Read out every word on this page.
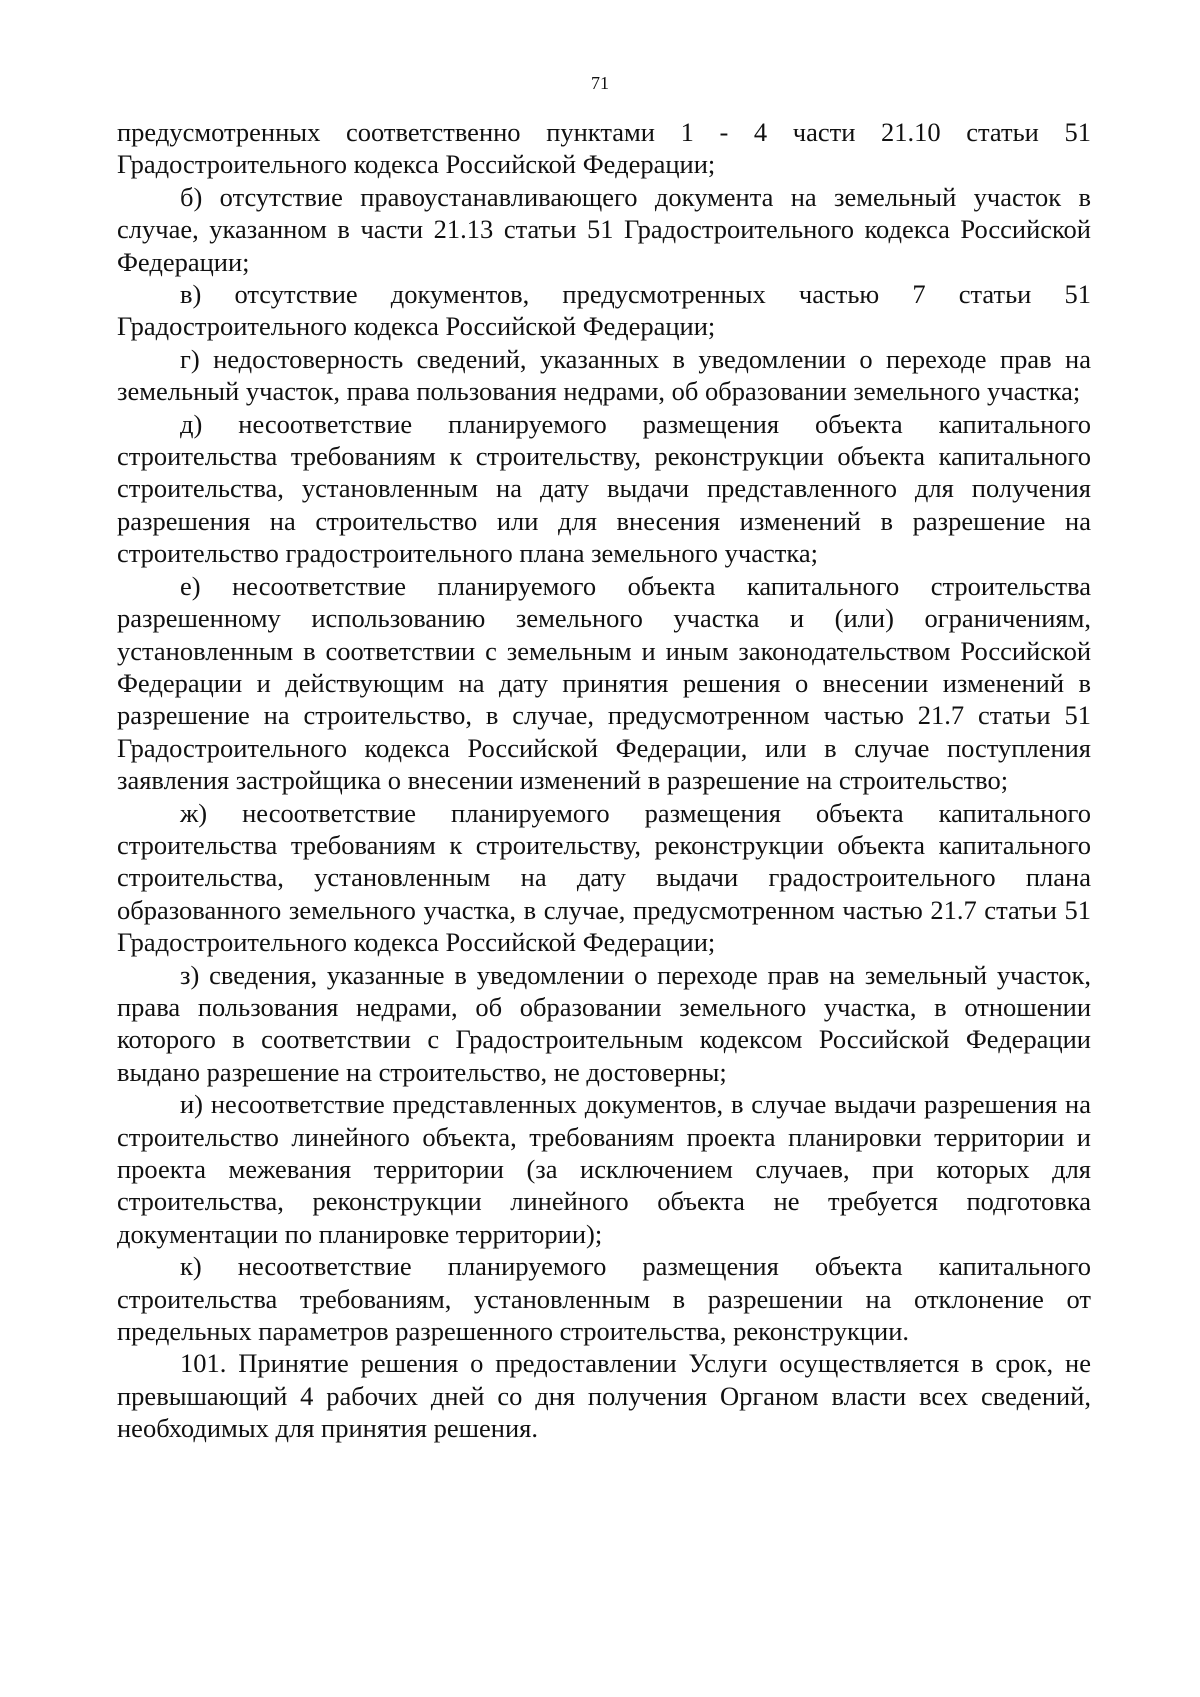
71

предусмотренных соответственно пунктами 1 - 4 части 21.10 статьи 51 Градостроительного кодекса Российской Федерации;

б) отсутствие правоустанавливающего документа на земельный участок в случае, указанном в части 21.13 статьи 51 Градостроительного кодекса Российской Федерации;

в) отсутствие документов, предусмотренных частью 7 статьи 51 Градостроительного кодекса Российской Федерации;

г) недостоверность сведений, указанных в уведомлении о переходе прав на земельный участок, права пользования недрами, об образовании земельного участка;

д) несоответствие планируемого размещения объекта капитального строительства требованиям к строительству, реконструкции объекта капитального строительства, установленным на дату выдачи представленного для получения разрешения на строительство или для внесения изменений в разрешение на строительство градостроительного плана земельного участка;

е) несоответствие планируемого объекта капитального строительства разрешенному использованию земельного участка и (или) ограничениям, установленным в соответствии с земельным и иным законодательством Российской Федерации и действующим на дату принятия решения о внесении изменений в разрешение на строительство, в случае, предусмотренном частью 21.7 статьи 51 Градостроительного кодекса Российской Федерации, или в случае поступления заявления застройщика о внесении изменений в разрешение на строительство;

ж) несоответствие планируемого размещения объекта капитального строительства требованиям к строительству, реконструкции объекта капитального строительства, установленным на дату выдачи градостроительного плана образованного земельного участка, в случае, предусмотренном частью 21.7 статьи 51 Градостроительного кодекса Российской Федерации;

з) сведения, указанные в уведомлении о переходе прав на земельный участок, права пользования недрами, об образовании земельного участка, в отношении которого в соответствии с Градостроительным кодексом Российской Федерации выдано разрешение на строительство, не достоверны;

и) несоответствие представленных документов, в случае выдачи разрешения на строительство линейного объекта, требованиям проекта планировки территории и проекта межевания территории (за исключением случаев, при которых для строительства, реконструкции линейного объекта не требуется подготовка документации по планировке территории);

к) несоответствие планируемого размещения объекта капитального строительства требованиям, установленным в разрешении на отклонение от предельных параметров разрешенного строительства, реконструкции.

101. Принятие решения о предоставлении Услуги осуществляется в срок, не превышающий 4 рабочих дней со дня получения Органом власти всех сведений, необходимых для принятия решения.
